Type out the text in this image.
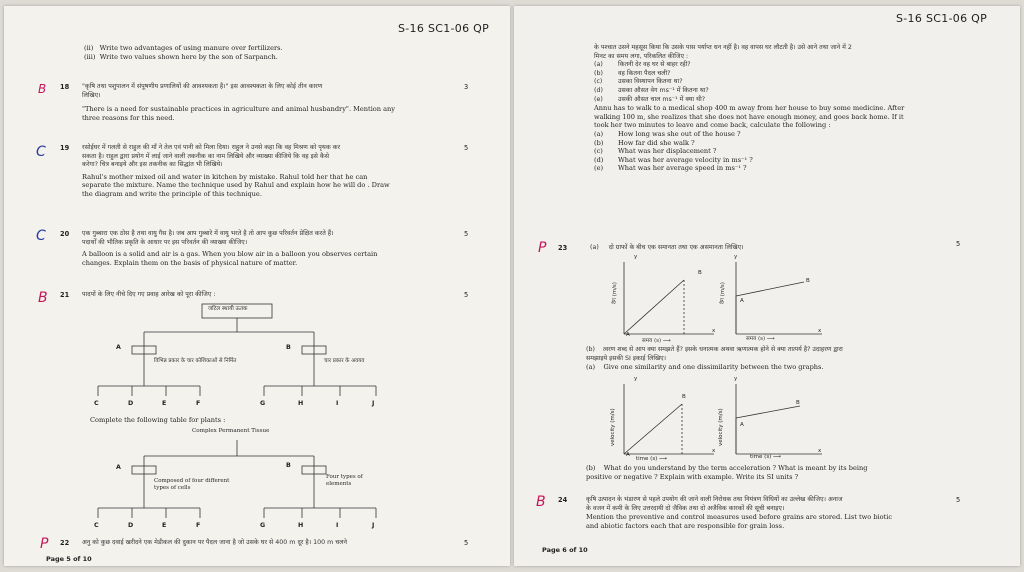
S-16 SC1-06 QP
(ii) Write two advantages of using manure over fertilizers.
(iii) Write two values shown here by the son of Sarpanch.
B 18 "कृषि तथा पशुपालन में संपूषणीय प्रणालियों की आवश्यकता है।" इस आवश्यकता के लिए कोई तीन कारण
लिखिए।
"There is a need for sustainable practices in agriculture and animal husbandry". Mention any
three reasons for this need.
3
C 19 रसोईघर में गलती से राहुल की माँ ने तेल एवं पानी को मिला दिया। राहुल ने उनसे कहा कि वह मिश्रण को पृथक कर
सकता है। राहुल द्वारा प्रयोग में लाई जाने वाली तकनीक का नाम लिखिये और व्याख्या कीजिये कि वह इसे कैसे
करेगा? चित्र बनाइये और इस तकनीक का सिद्धांत भी लिखिये।
Rahul's mother mixed oil and water in kitchen by mistake. Rahul told her that he can
separate the mixture. Name the technique used by Rahul and explain how he will do . Draw
the diagram and write the principle of this technique.
5
C 20 एक गुब्बारा एक ठोस है तथा वायु गैस है। जब आप गुब्बारे में वायु भरते है तो आप कुछ परिवर्तन प्रेक्षित करते हैं।
पदार्थों की भौतिक प्रकृति के आधार पर इस परिवर्तन की व्याख्या कीजिए।
A balloon is a solid and air is a gas. When you blow air in a balloon you observes certain
changes. Explain them on the basis of physical nature of matter.
5
B 21 पादपों के लिए नीचे दिए गए प्रवाह आरेख को पूरा कीजिए :	5
जटिल स्थायी ऊतक
A	B
विभिन्न प्रकार के चार कोशिकाओं से निर्मित	चार प्रकार के अवयव
C	D	E	F	G	H	I	J
Complete the following table for plants :
Complex Permanent Tissue
A	B
Composed of four different types of cells
Four types of elements
C	D	E	F	G	H	I	J
P 22 अनु को कुछ दवाई खरीदने एक मेडीकल की दुकान पर पैदल जाना है जो उसके घर से 400 m दूर है। 100 m चलने	5
Page 5 of 10
S-16 SC1-06 QP
के पश्चात उसने महसूस किया कि उसके पास पर्याप्त धन नहीं है। वह वापस घर लौटती है। उसे आने तथा जाने में 2
मिनट का समय लगा, परिकलित कीजिए :
(a) कितनी देर वह घर से बाहर रही?
(b) वह कितना पैदल चली?
(c) उसका विस्थापन कितना था?
(d) उसका औसत वेग ms⁻¹ में कितना था?
(e) उसकी औसत चाल ms⁻¹ में क्या थी?
Annu has to walk to a medical shop 400 m away from her house to buy some medicine. After
walking 100 m, she realizes that she does not have enough money, and goes back home. If it
took her two minutes to leave and come back, calculate the following :
(a) How long was she out of the house ?
(b) How far did she walk ?
(c) What was her displacement ?
(d) What was her average velocity in ms⁻¹ ?
(e) What was her average speed in ms⁻¹ ?
P 23	(a) दो ग्राफों के बीच एक समानता तथा एक असमानता लिखिए।	5
y
B
A
x
वेग (m/s)
समय (s) ⟶
y
B
A
x
वेग (m/s)
समय (s) ⟶
(b) त्वरण शब्द से आप क्या समझते हैं? इसके धनात्मक अथवा ऋणात्मक होने से क्या तात्पर्य है? उदाहरण द्वारा
समझाइये इसकी SI इकाई लिखिए।
(a) Give one similarity and one dissimilarity between the two graphs.
y
B
A
x
velocity (m/s)
time (s) ⟶
y
B
A
x
velocity (m/s)
time (s) ⟶
(b) What do you understand by the term acceleration ? What is meant by its being
positive or negative ? Explain with example. Write its SI units ?
B 24	कृषि उत्पादन के भंडारण से पहले उपयोग की जाने वाली निरोधक तथा नियंत्रण विधियों का उल्लेख कीजिए। अनाज
के वजन में कमी के लिए उत्तरदायी दो जैविक तथा दो अजैविक कारकों की सूची बनाइए।
Mention the preventive and control measures used before grains are stored. List two biotic
and abiotic factors each that are responsible for grain loss.
5
Page 6 of 10
